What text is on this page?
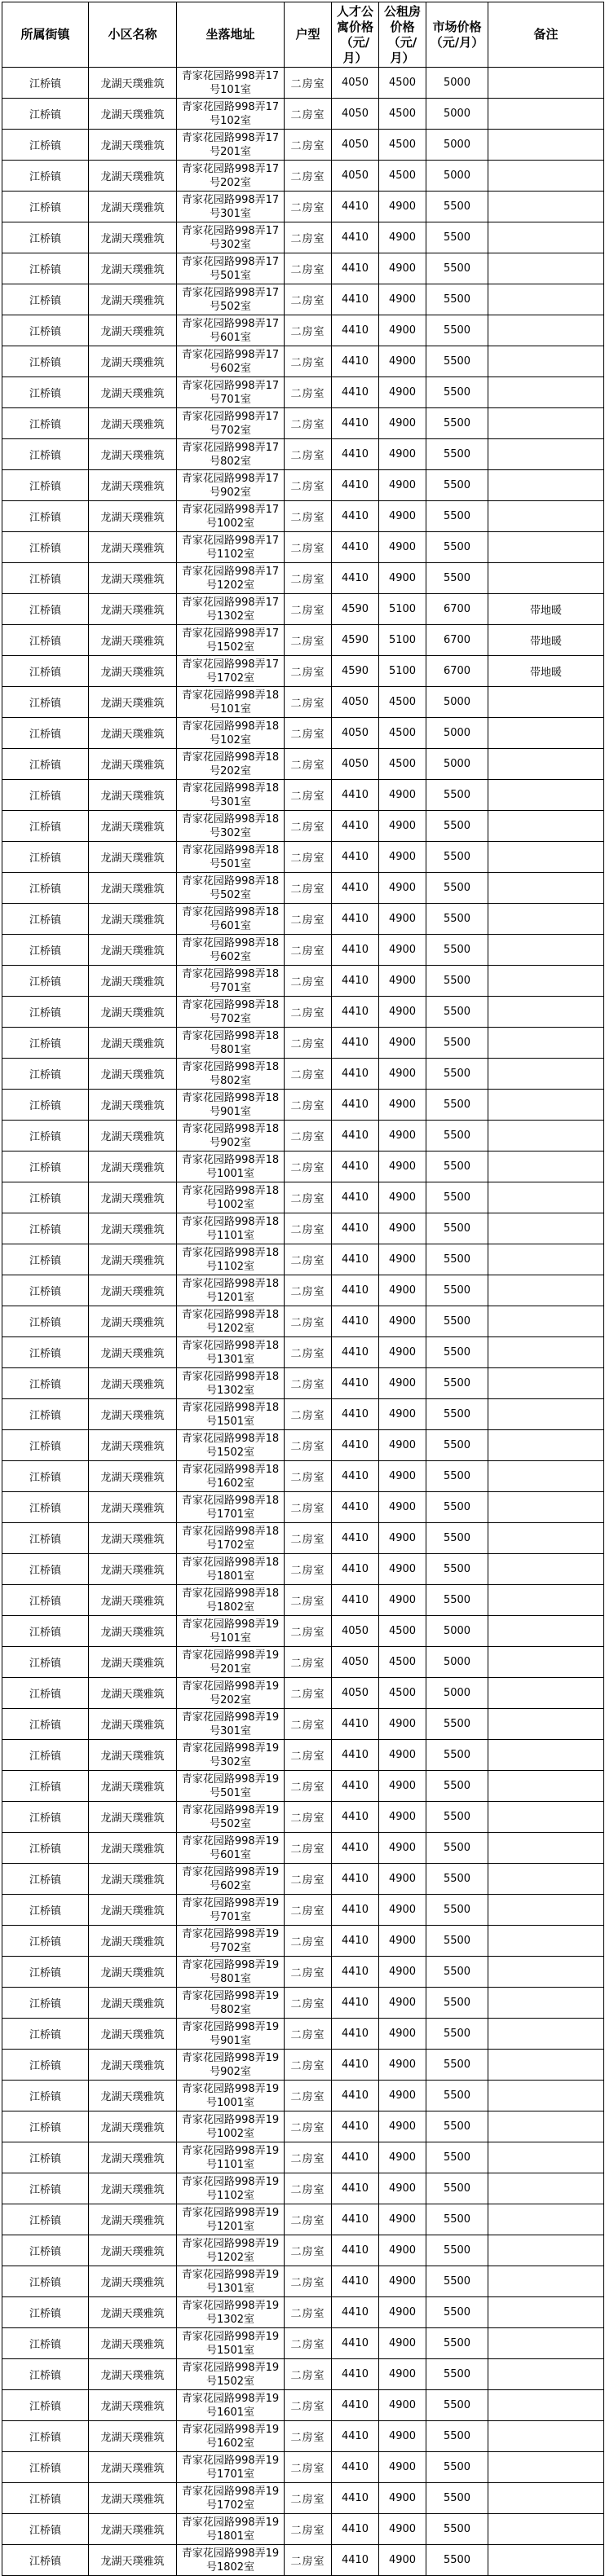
所属街镇	小区名称	坐落地址	户型	人才公寓价格（元/月）	公租房价格（元/月）	市场价格（元/月）	备注
江桥镇	龙湖天璞雅筑	青家花园路998弄17号101室	二房室	4050	4500	5000	
江桥镇	龙湖天璞雅筑	青家花园路998弄17号102室	二房室	4050	4500	5000	
江桥镇	龙湖天璞雅筑	青家花园路998弄17号201室	二房室	4050	4500	5000	
江桥镇	龙湖天璞雅筑	青家花园路998弄17号202室	二房室	4050	4500	5000	
江桥镇	龙湖天璞雅筑	青家花园路998弄17号301室	二房室	4410	4900	5500	
江桥镇	龙湖天璞雅筑	青家花园路998弄17号302室	二房室	4410	4900	5500	
江桥镇	龙湖天璞雅筑	青家花园路998弄17号501室	二房室	4410	4900	5500	
江桥镇	龙湖天璞雅筑	青家花园路998弄17号502室	二房室	4410	4900	5500	
江桥镇	龙湖天璞雅筑	青家花园路998弄17号601室	二房室	4410	4900	5500	
江桥镇	龙湖天璞雅筑	青家花园路998弄17号602室	二房室	4410	4900	5500	
江桥镇	龙湖天璞雅筑	青家花园路998弄17号701室	二房室	4410	4900	5500	
江桥镇	龙湖天璞雅筑	青家花园路998弄17号702室	二房室	4410	4900	5500	
江桥镇	龙湖天璞雅筑	青家花园路998弄17号802室	二房室	4410	4900	5500	
江桥镇	龙湖天璞雅筑	青家花园路998弄17号902室	二房室	4410	4900	5500	
江桥镇	龙湖天璞雅筑	青家花园路998弄17号1002室	二房室	4410	4900	5500	
江桥镇	龙湖天璞雅筑	青家花园路998弄17号1102室	二房室	4410	4900	5500	
江桥镇	龙湖天璞雅筑	青家花园路998弄17号1202室	二房室	4410	4900	5500	
江桥镇	龙湖天璞雅筑	青家花园路998弄17号1302室	二房室	4590	5100	6700	带地暖
江桥镇	龙湖天璞雅筑	青家花园路998弄17号1502室	二房室	4590	5100	6700	带地暖
江桥镇	龙湖天璞雅筑	青家花园路998弄17号1702室	二房室	4590	5100	6700	带地暖
江桥镇	龙湖天璞雅筑	青家花园路998弄18号101室	二房室	4050	4500	5000	
江桥镇	龙湖天璞雅筑	青家花园路998弄18号102室	二房室	4050	4500	5000	
江桥镇	龙湖天璞雅筑	青家花园路998弄18号202室	二房室	4050	4500	5000	
江桥镇	龙湖天璞雅筑	青家花园路998弄18号301室	二房室	4410	4900	5500	
江桥镇	龙湖天璞雅筑	青家花园路998弄18号302室	二房室	4410	4900	5500	
江桥镇	龙湖天璞雅筑	青家花园路998弄18号501室	二房室	4410	4900	5500	
江桥镇	龙湖天璞雅筑	青家花园路998弄18号502室	二房室	4410	4900	5500	
江桥镇	龙湖天璞雅筑	青家花园路998弄18号601室	二房室	4410	4900	5500	
江桥镇	龙湖天璞雅筑	青家花园路998弄18号602室	二房室	4410	4900	5500	
江桥镇	龙湖天璞雅筑	青家花园路998弄18号701室	二房室	4410	4900	5500	
江桥镇	龙湖天璞雅筑	青家花园路998弄18号702室	二房室	4410	4900	5500	
江桥镇	龙湖天璞雅筑	青家花园路998弄18号801室	二房室	4410	4900	5500	
江桥镇	龙湖天璞雅筑	青家花园路998弄18号802室	二房室	4410	4900	5500	
江桥镇	龙湖天璞雅筑	青家花园路998弄18号901室	二房室	4410	4900	5500	
江桥镇	龙湖天璞雅筑	青家花园路998弄18号902室	二房室	4410	4900	5500	
江桥镇	龙湖天璞雅筑	青家花园路998弄18号1001室	二房室	4410	4900	5500	
江桥镇	龙湖天璞雅筑	青家花园路998弄18号1002室	二房室	4410	4900	5500	
江桥镇	龙湖天璞雅筑	青家花园路998弄18号1101室	二房室	4410	4900	5500	
江桥镇	龙湖天璞雅筑	青家花园路998弄18号1102室	二房室	4410	4900	5500	
江桥镇	龙湖天璞雅筑	青家花园路998弄18号1201室	二房室	4410	4900	5500	
江桥镇	龙湖天璞雅筑	青家花园路998弄18号1202室	二房室	4410	4900	5500	
江桥镇	龙湖天璞雅筑	青家花园路998弄18号1301室	二房室	4410	4900	5500	
江桥镇	龙湖天璞雅筑	青家花园路998弄18号1302室	二房室	4410	4900	5500	
江桥镇	龙湖天璞雅筑	青家花园路998弄18号1501室	二房室	4410	4900	5500	
江桥镇	龙湖天璞雅筑	青家花园路998弄18号1502室	二房室	4410	4900	5500	
江桥镇	龙湖天璞雅筑	青家花园路998弄18号1602室	二房室	4410	4900	5500	
江桥镇	龙湖天璞雅筑	青家花园路998弄18号1701室	二房室	4410	4900	5500	
江桥镇	龙湖天璞雅筑	青家花园路998弄18号1702室	二房室	4410	4900	5500	
江桥镇	龙湖天璞雅筑	青家花园路998弄18号1801室	二房室	4410	4900	5500	
江桥镇	龙湖天璞雅筑	青家花园路998弄18号1802室	二房室	4410	4900	5500	
江桥镇	龙湖天璞雅筑	青家花园路998弄19号101室	二房室	4050	4500	5000	
江桥镇	龙湖天璞雅筑	青家花园路998弄19号201室	二房室	4050	4500	5000	
江桥镇	龙湖天璞雅筑	青家花园路998弄19号202室	二房室	4050	4500	5000	
江桥镇	龙湖天璞雅筑	青家花园路998弄19号301室	二房室	4410	4900	5500	
江桥镇	龙湖天璞雅筑	青家花园路998弄19号302室	二房室	4410	4900	5500	
江桥镇	龙湖天璞雅筑	青家花园路998弄19号501室	二房室	4410	4900	5500	
江桥镇	龙湖天璞雅筑	青家花园路998弄19号502室	二房室	4410	4900	5500	
江桥镇	龙湖天璞雅筑	青家花园路998弄19号601室	二房室	4410	4900	5500	
江桥镇	龙湖天璞雅筑	青家花园路998弄19号602室	二房室	4410	4900	5500	
江桥镇	龙湖天璞雅筑	青家花园路998弄19号701室	二房室	4410	4900	5500	
江桥镇	龙湖天璞雅筑	青家花园路998弄19号702室	二房室	4410	4900	5500	
江桥镇	龙湖天璞雅筑	青家花园路998弄19号801室	二房室	4410	4900	5500	
江桥镇	龙湖天璞雅筑	青家花园路998弄19号802室	二房室	4410	4900	5500	
江桥镇	龙湖天璞雅筑	青家花园路998弄19号901室	二房室	4410	4900	5500	
江桥镇	龙湖天璞雅筑	青家花园路998弄19号902室	二房室	4410	4900	5500	
江桥镇	龙湖天璞雅筑	青家花园路998弄19号1001室	二房室	4410	4900	5500	
江桥镇	龙湖天璞雅筑	青家花园路998弄19号1002室	二房室	4410	4900	5500	
江桥镇	龙湖天璞雅筑	青家花园路998弄19号1101室	二房室	4410	4900	5500	
江桥镇	龙湖天璞雅筑	青家花园路998弄19号1102室	二房室	4410	4900	5500	
江桥镇	龙湖天璞雅筑	青家花园路998弄19号1201室	二房室	4410	4900	5500	
江桥镇	龙湖天璞雅筑	青家花园路998弄19号1202室	二房室	4410	4900	5500	
江桥镇	龙湖天璞雅筑	青家花园路998弄19号1301室	二房室	4410	4900	5500	
江桥镇	龙湖天璞雅筑	青家花园路998弄19号1302室	二房室	4410	4900	5500	
江桥镇	龙湖天璞雅筑	青家花园路998弄19号1501室	二房室	4410	4900	5500	
江桥镇	龙湖天璞雅筑	青家花园路998弄19号1502室	二房室	4410	4900	5500	
江桥镇	龙湖天璞雅筑	青家花园路998弄19号1601室	二房室	4410	4900	5500	
江桥镇	龙湖天璞雅筑	青家花园路998弄19号1602室	二房室	4410	4900	5500	
江桥镇	龙湖天璞雅筑	青家花园路998弄19号1701室	二房室	4410	4900	5500	
江桥镇	龙湖天璞雅筑	青家花园路998弄19号1702室	二房室	4410	4900	5500	
江桥镇	龙湖天璞雅筑	青家花园路998弄19号1801室	二房室	4410	4900	5500	
江桥镇	龙湖天璞雅筑	青家花园路998弄19号1802室	二房室	4410	4900	5500	
